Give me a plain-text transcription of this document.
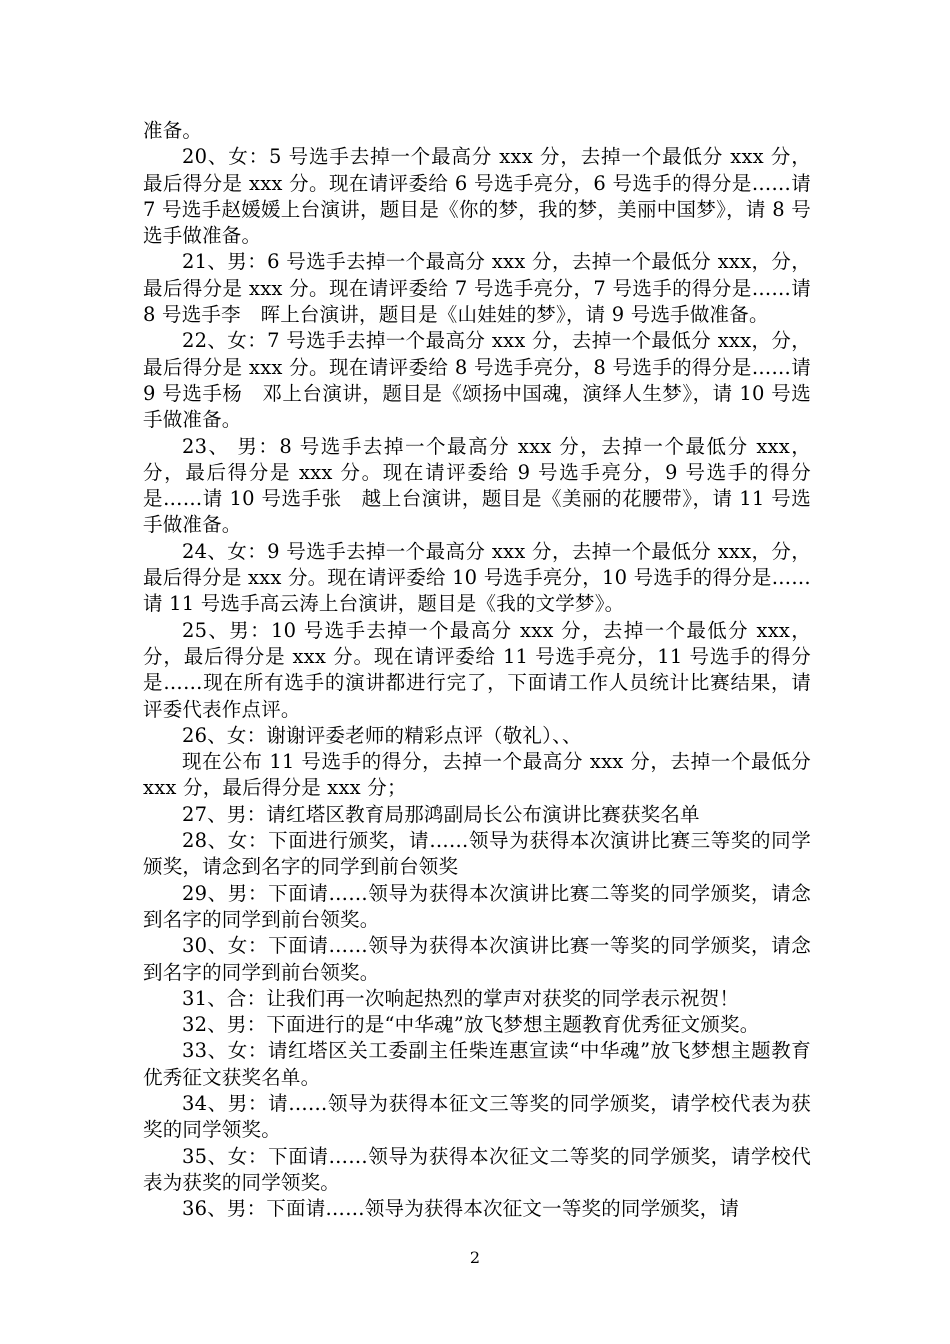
准备。

20、女：5 号选手去掉一个最高分 xxx 分，去掉一个最低分 xxx 分，最后得分是 xxx 分。现在请评委给 6 号选手亮分，6 号选手的得分是……请 7 号选手赵媛媛上台演讲，题目是《你的梦，我的梦，美丽中国梦》，请 8 号选手做准备。

21、男：6 号选手去掉一个最高分 xxx 分，去掉一个最低分 xxx，分，最后得分是 xxx 分。现在请评委给 7 号选手亮分，7 号选手的得分是……请 8 号选手李　晖上台演讲，题目是《山娃娃的梦》，请 9 号选手做准备。

22、女：7 号选手去掉一个最高分 xxx 分，去掉一个最低分 xxx，分，最后得分是 xxx 分。现在请评委给 8 号选手亮分，8 号选手的得分是……请 9 号选手杨　邓上台演讲，题目是《颂扬中国魂，演绎人生梦》，请 10 号选手做准备。

23、 男：8 号选手去掉一个最高分 xxx 分，去掉一个最低分 xxx，分，最后得分是 xxx 分。现在请评委给 9 号选手亮分，9 号选手的得分是……请 10 号选手张　越上台演讲，题目是《美丽的花腰带》，请 11 号选手做准备。

24、女：9 号选手去掉一个最高分 xxx 分，去掉一个最低分 xxx，分，最后得分是 xxx 分。现在请评委给 10 号选手亮分，10 号选手的得分是……请 11 号选手高云涛上台演讲，题目是《我的文学梦》。

25、男：10 号选手去掉一个最高分 xxx 分，去掉一个最低分 xxx，分，最后得分是 xxx 分。现在请评委给 11 号选手亮分，11 号选手的得分是……现在所有选手的演讲都进行完了，下面请工作人员统计比赛结果，请评委代表作点评。

26、女：谢谢评委老师的精彩点评（敬礼）、、

现在公布 11 号选手的得分，去掉一个最高分 xxx 分，去掉一个最低分 xxx 分，最后得分是 xxx 分；

27、男：请红塔区教育局那鸿副局长公布演讲比赛获奖名单

28、女：下面进行颁奖，请……领导为获得本次演讲比赛三等奖的同学颁奖，请念到名字的同学到前台领奖

29、男：下面请……领导为获得本次演讲比赛二等奖的同学颁奖，请念到名字的同学到前台领奖。

30、女：下面请……领导为获得本次演讲比赛一等奖的同学颁奖，请念到名字的同学到前台领奖。

31、合：让我们再一次响起热烈的掌声对获奖的同学表示祝贺！

32、男：下面进行的是“中华魂”放飞梦想主题教育优秀征文颁奖。

33、女：请红塔区关工委副主任柴连惠宣读“中华魂”放飞梦想主题教育优秀征文获奖名单。

34、男：请……领导为获得本征文三等奖的同学颁奖，请学校代表为获奖的同学领奖。

35、女：下面请……领导为获得本次征文二等奖的同学颁奖，请学校代表为获奖的同学领奖。

36、男：下面请……领导为获得本次征文一等奖的同学颁奖，请

2
